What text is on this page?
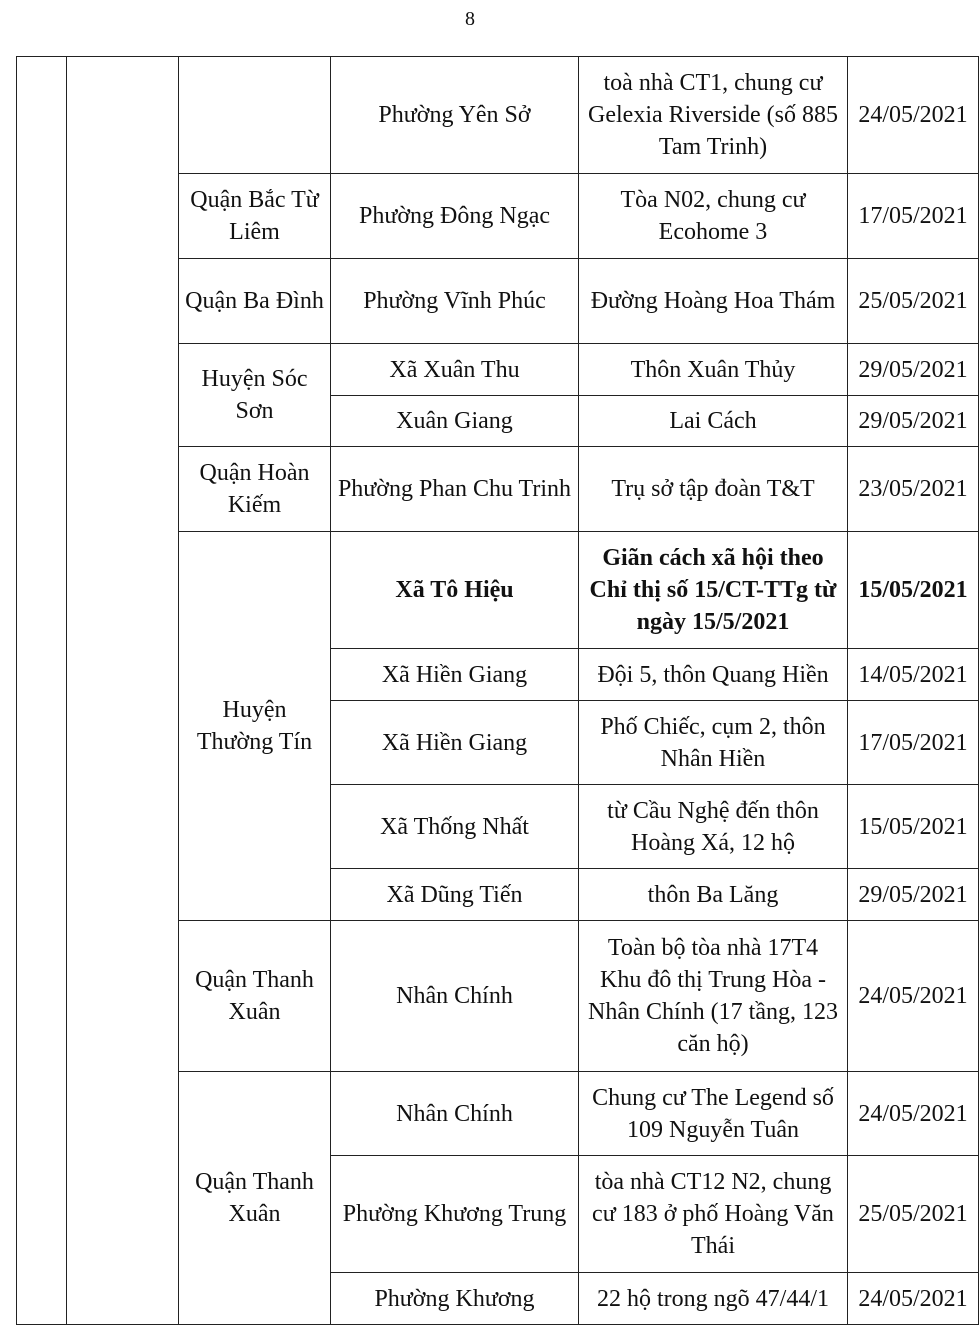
8
			Phường Yên Sở	toà nhà CT1, chung cư Gelexia Riverside (số 885 Tam Trinh)	24/05/2021
		Quận Bắc Từ Liêm	Phường Đông Ngạc	Tòa N02, chung cư Ecohome 3	17/05/2021
		Quận Ba Đình	Phường Vĩnh Phúc	Đường Hoàng Hoa Thám	25/05/2021
		Huyện Sóc Sơn	Xã Xuân Thu	Thôn Xuân Thủy	29/05/2021
			Xuân Giang	Lai Cách	29/05/2021
		Quận Hoàn Kiếm	Phường Phan Chu Trinh	Trụ sở tập đoàn T&T	23/05/2021
		Huyện Thường Tín	Xã Tô Hiệu	Giãn cách xã hội theo Chỉ thị số 15/CT-TTg từ ngày 15/5/2021	15/05/2021
			Xã Hiền Giang	Đội 5, thôn Quang Hiền	14/05/2021
			Xã Hiền Giang	Phố Chiếc, cụm 2, thôn Nhân Hiền	17/05/2021
			Xã Thống Nhất	từ Cầu Nghệ đến thôn Hoàng Xá, 12 hộ	15/05/2021
			Xã Dũng Tiến	thôn Ba Lăng	29/05/2021
		Quận Thanh Xuân	Nhân Chính	Toàn bộ tòa nhà 17T4 Khu đô thị Trung Hòa - Nhân Chính (17 tầng, 123 căn hộ)	24/05/2021
		Quận Thanh Xuân	Nhân Chính	Chung cư The Legend số 109 Nguyễn Tuân	24/05/2021
			Phường Khương Trung	tòa nhà CT12 N2, chung cư 183 ở phố Hoàng Văn Thái	25/05/2021
			Phường Khương	22 hộ trong ngõ 47/44/1	24/05/2021
